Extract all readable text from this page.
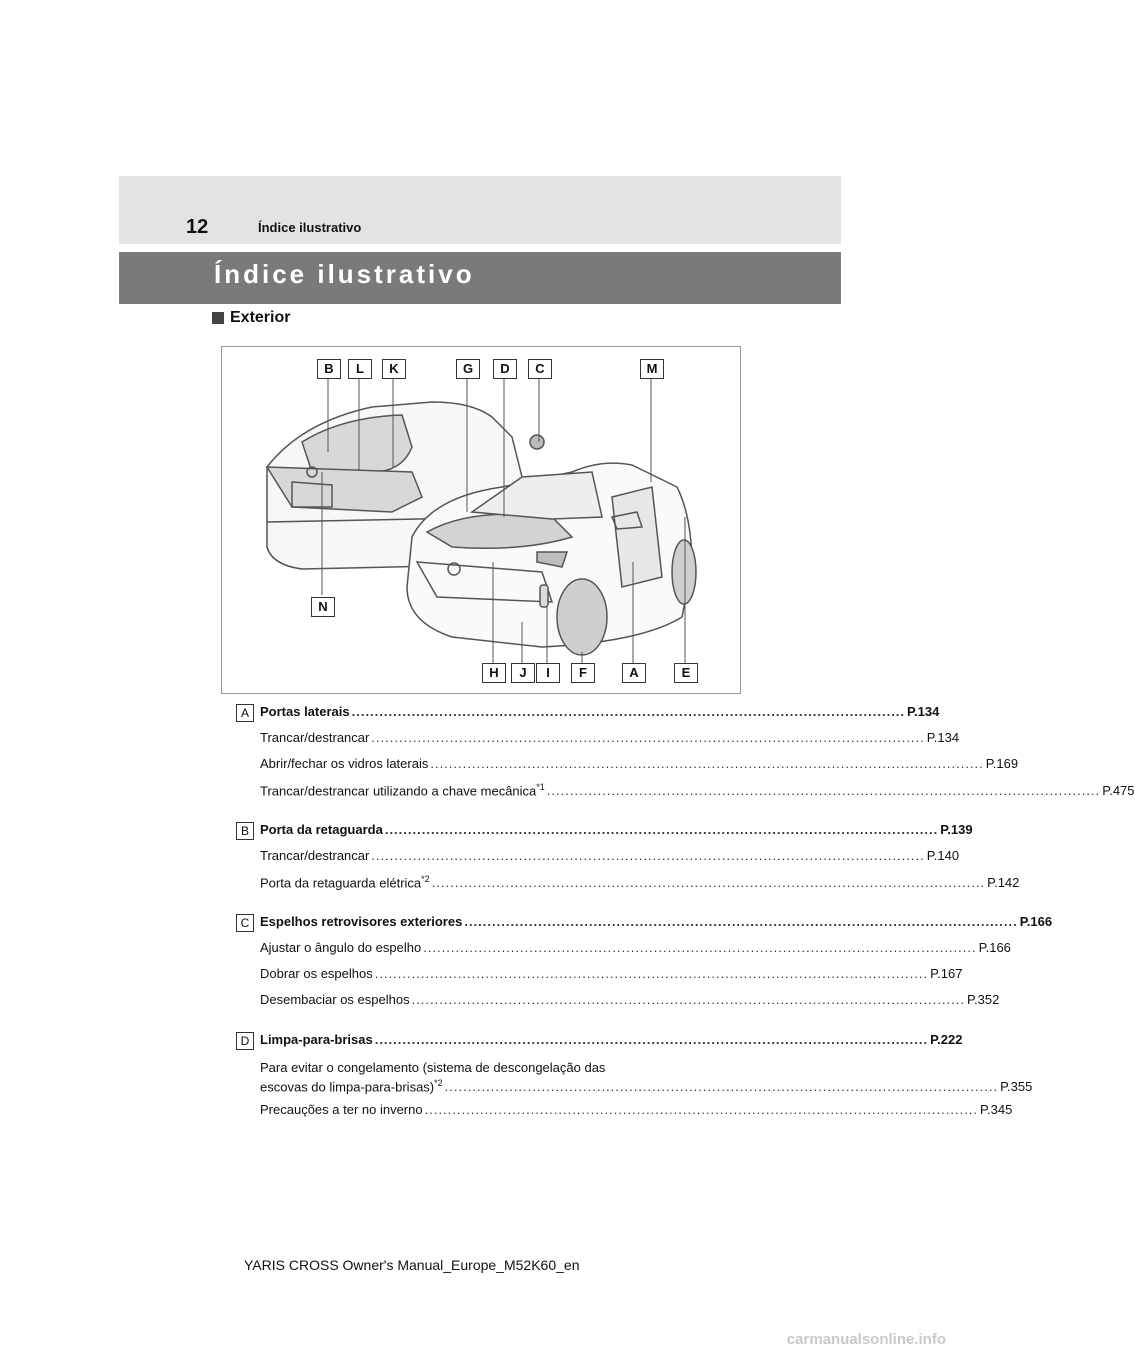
12	Índice ilustrativo
Índice ilustrativo
Exterior
B	L	K	G	D	C	M
H	J	I	F	A	E
N
A Portas laterais ........................................................................................................................ P.134
Trancar/destrancar ........................................................................................................................ P.134
Abrir/fechar os vidros laterais ........................................................................................................................ P.169
Trancar/destrancar utilizando a chave mecânica$^{*1}$ ........................................................................................................................ P.475
B Porta da retaguarda ........................................................................................................................ P.139
Trancar/destrancar ........................................................................................................................ P.140
Porta da retaguarda elétrica$^{*2}$ ........................................................................................................................ P.142
C Espelhos retrovisores exteriores ........................................................................................................................ P.166
Ajustar o ângulo do espelho ........................................................................................................................ P.166
Dobrar os espelhos ........................................................................................................................ P.167
Desembaciar os espelhos ........................................................................................................................ P.352
D Limpa-para-brisas ........................................................................................................................ P.222
Para evitar o congelamento (sistema de descongelação das
escovas do limpa-para-brisas)$^{*2}$ ........................................................................................................................ P.355
Precauções a ter no inverno ........................................................................................................................ P.345
YARIS CROSS Owner's Manual_Europe_M52K60_en
carmanualsonline.info
